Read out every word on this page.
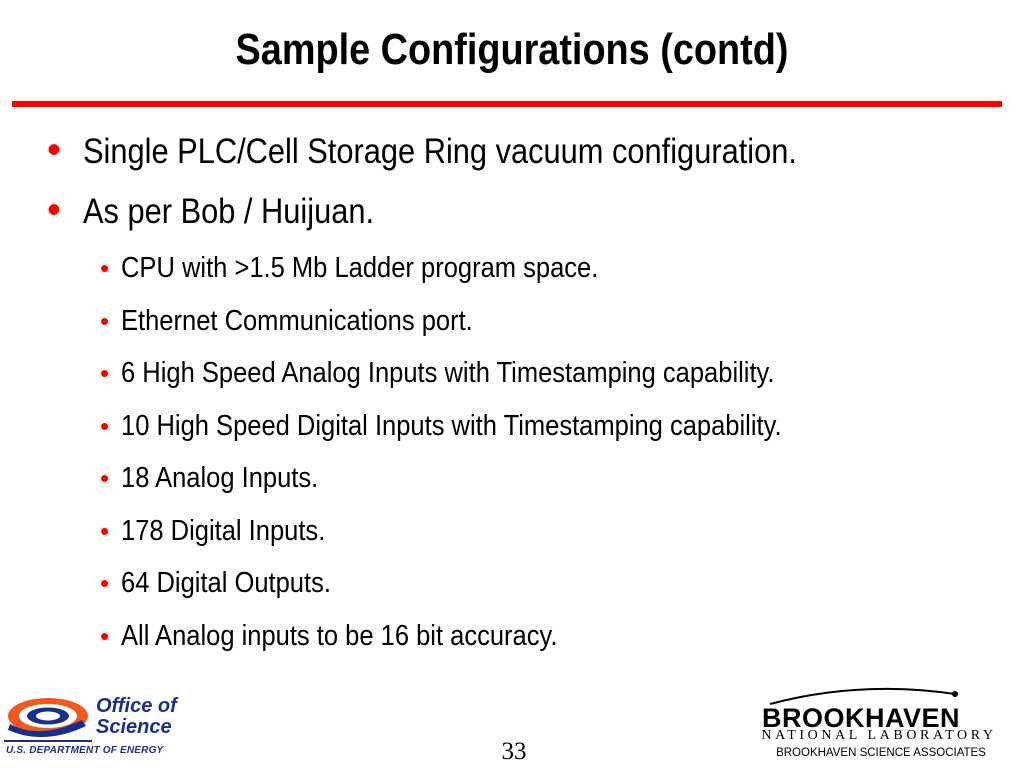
Sample Configurations (contd)
• Single PLC/Cell Storage Ring vacuum configuration.
• As per Bob / Huijuan.
• CPU with >1.5 Mb Ladder program space.
• Ethernet Communications port.
• 6 High Speed Analog Inputs with Timestamping capability.
• 10 High Speed Digital Inputs with Timestamping capability.
• 18 Analog Inputs.
• 178 Digital Inputs.
• 64 Digital Outputs.
• All Analog inputs to be 16 bit accuracy.
Office of
Science
U.S. DEPARTMENT OF ENERGY	33
BROOKHAVEN
NATIONAL LABORATORY
BROOKHAVEN SCIENCE ASSOCIATES
